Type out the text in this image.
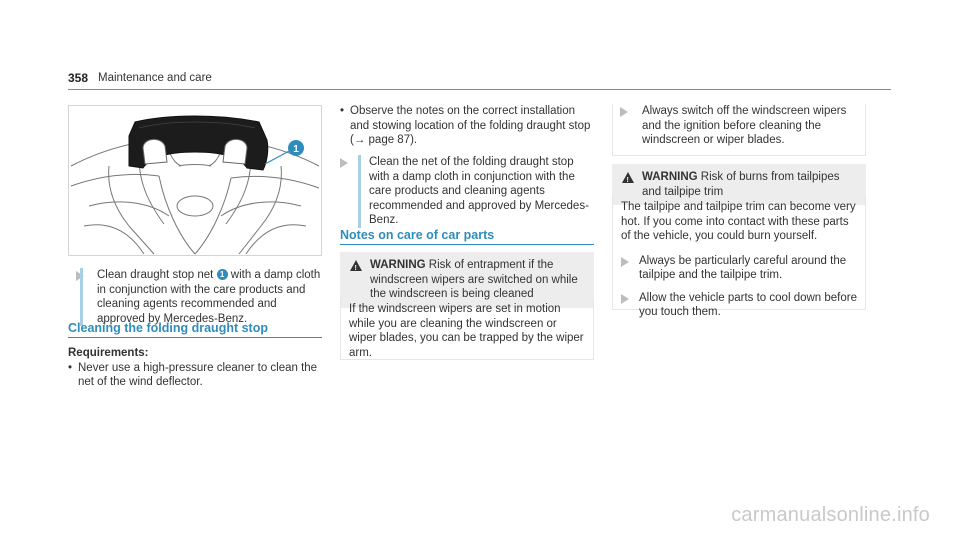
358 Maintenance and care
1
Clean draught stop net 1 with a damp cloth in conjunction with the care products and cleaning agents recommended and approved by Mercedes-Benz.
Cleaning the folding draught stop
Requirements:
• Never use a high-pressure cleaner to clean the net of the wind deflector.
• Observe the notes on the correct installation and stowing location of the folding draught stop (→ page 87).
Clean the net of the folding draught stop with a damp cloth in conjunction with the care products and cleaning agents recommended and approved by Mercedes-Benz.
Notes on care of car parts
! WARNING Risk of entrapment if the windscreen wipers are switched on while the windscreen is being cleaned
If the windscreen wipers are set in motion while you are cleaning the windscreen or wiper blades, you can be trapped by the wiper arm.
Always switch off the windscreen wipers and the ignition before cleaning the windscreen or wiper blades.
! WARNING Risk of burns from tailpipes and tailpipe trim
The tailpipe and tailpipe trim can become very hot. If you come into contact with these parts of the vehicle, you could burn yourself.
Always be particularly careful around the tailpipe and the tailpipe trim.
Allow the vehicle parts to cool down before you touch them.
carmanualsonline.info
